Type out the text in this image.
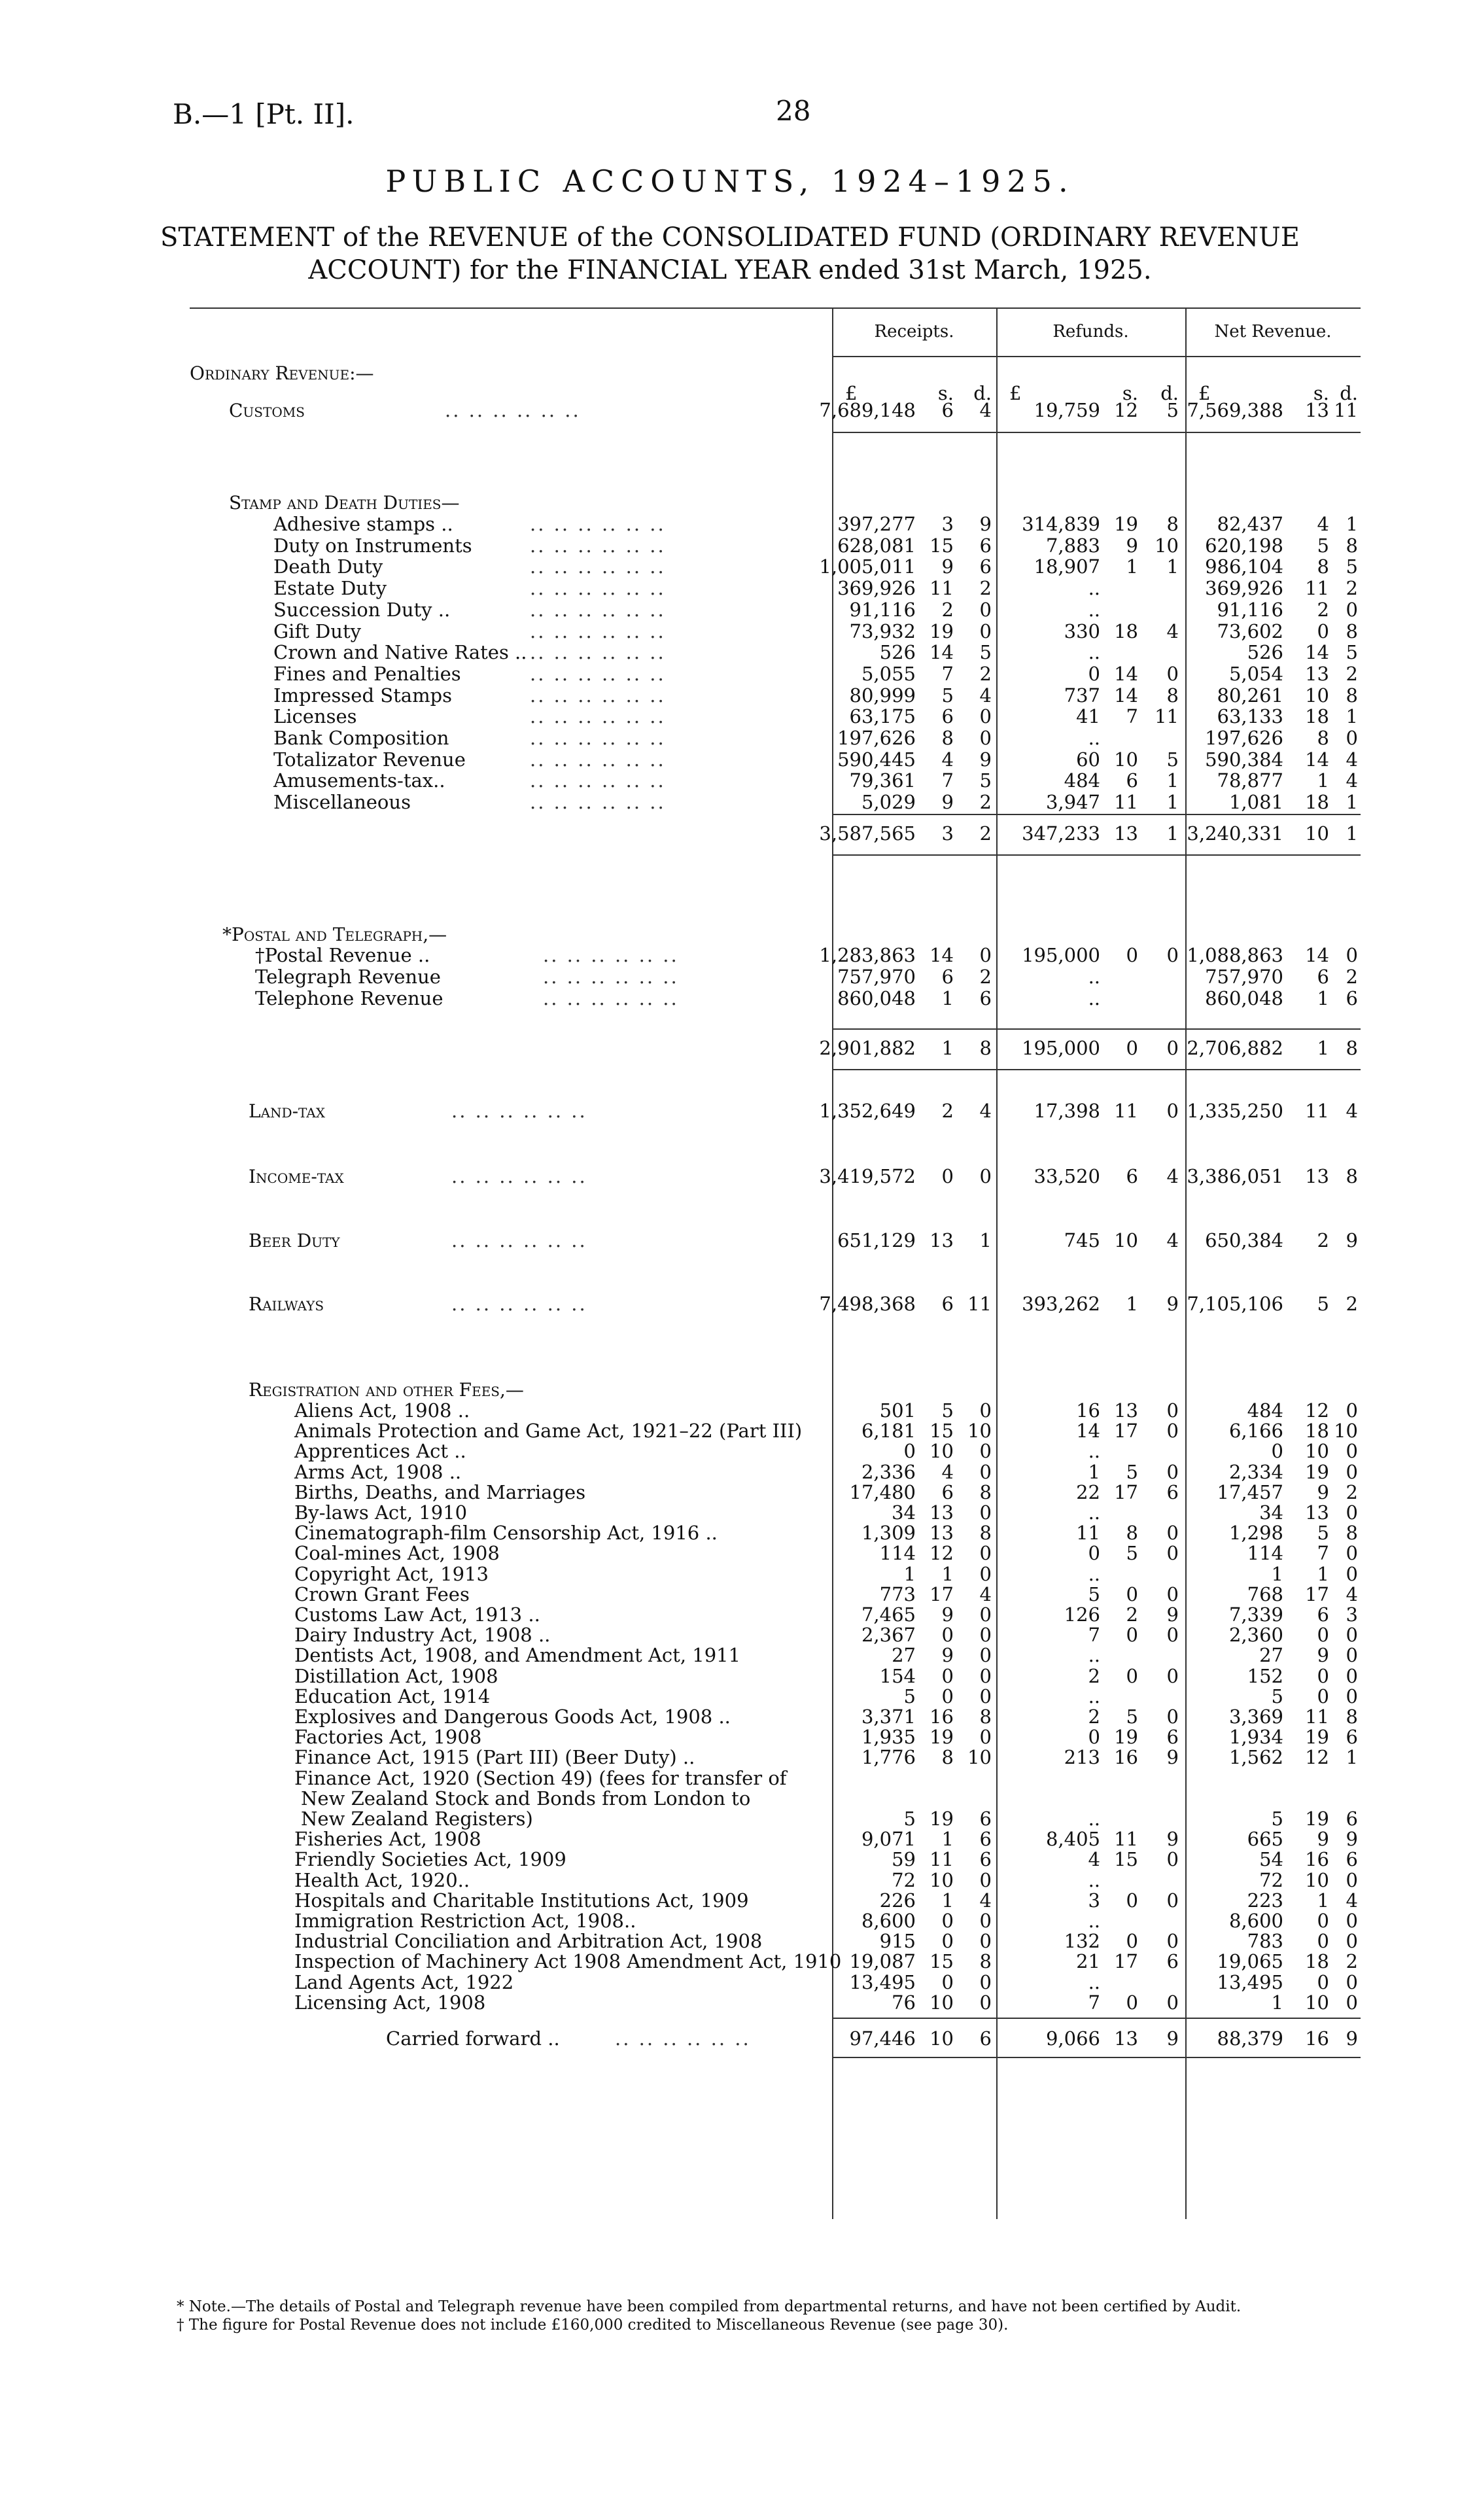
B.—1 [Pt. II].	28
PUBLIC ACCOUNTS, 1924–1925.
STATEMENT of the REVENUE of the CONSOLIDATED FUND (ORDINARY REVENUE
ACCOUNT) for the FINANCIAL YEAR ended 31st March, 1925.
Receipts.	Refunds.	Net Revenue.
Ordinary Revenue:—
£	s. d. £	s. d. £	s. d.
Customs	.. .. .. .. .. ..	7,689,148 6 4 19,759 12 5 7,569,388 13 11
Stamp and Death Duties—
Adhesive stamps ..	.. .. .. .. .. ..	397,277 3 9 314,839 19 8 82,437 4 1
Duty on Instruments	.. .. .. .. .. ..	628,081 15 6	7,883 9 10 620,198 5 8
Death Duty	.. .. .. .. .. ..	1,005,011 9 6 18,907 1 1 986,104 8 5
Estate Duty	.. .. .. .. .. ..	369,926 11 2	..	369,926 11 2
Succession Duty ..	.. .. .. .. .. ..	91,116 2 0	..	91,116 2 0
Gift Duty	.. .. .. .. .. ..	73,932 19 0	330 18 4 73,602 0 8
Crown and Native Rates .. .. .. .. .. .. ..	526 14 5	..	526 14 5
Fines and Penalties	.. .. .. .. .. ..	5,055 7 2	0 14 0	5,054 13 2
Impressed Stamps	.. .. .. .. .. ..	80,999 5 4	737 14 8 80,261 10 8
Licenses	.. .. .. .. .. ..	63,175 6 0	41 7 11 63,133 18 1
Bank Composition	.. .. .. .. .. ..	197,626 8 0	..	197,626 8 0
Totalizator Revenue	.. .. .. .. .. ..	590,445 4 9	60 10 5 590,384 14 4
Amusements-tax..	.. .. .. .. .. ..	79,361 7 5	484 6 1 78,877 1 4
Miscellaneous	.. .. .. .. .. ..	5,029 9 2	3,947 11 1	1,081 18 1
3,587,565 3 2 347,233 13 1 3,240,331 10 1
*Postal and Telegraph,—
†Postal Revenue ..	.. .. .. .. .. ..	1,283,863 14 0 195,000 0 0 1,088,863 14 0
Telegraph Revenue	.. .. .. .. .. ..	757,970 6 2	..	757,970 6 2
Telephone Revenue	.. .. .. .. .. ..	860,048 1 6	..	860,048 1 6
2,901,882 1 8 195,000 0 0 2,706,882 1 8
Land-tax	.. .. .. .. .. ..	1,352,649 2 4 17,398 11 0 1,335,250 11 4
Income-tax	.. .. .. .. .. ..	3,419,572 0 0 33,520 6 4 3,386,051 13 8
Beer Duty	.. .. .. .. .. ..	651,129 13 1	745 10 4 650,384 2 9
Railways	.. .. .. .. .. ..	7,498,368 6 11 393,262 1 9 7,105,106 5 2
Registration and other Fees,—
Aliens Act, 1908 ..	501 5 0	16 13 0	484 12 0
Animals Protection and Game Act, 1921–22 (Part III)	6,181 15 10	14 17 0	6,166 18 10
Apprentices Act ..	0 10 0	..	0 10 0
Arms Act, 1908 ..	2,336 4 0	1 5 0	2,334 19 0
Births, Deaths, and Marriages	17,480 6 8	22 17 6 17,457 9 2
By-laws Act, 1910	34 13 0	..	34 13 0
Cinematograph-film Censorship Act, 1916 ..	1,309 13 8	11 8 0	1,298 5 8
Coal-mines Act, 1908	114 12 0	0 5 0	114 7 0
Copyright Act, 1913	1 1 0	..	1 1 0
Crown Grant Fees	773 17 4	5 0 0	768 17 4
Customs Law Act, 1913 ..	7,465 9 0	126 2 9	7,339 6 3
Dairy Industry Act, 1908 ..	2,367 0 0	7 0 0	2,360 0 0
Dentists Act, 1908, and Amendment Act, 1911	27 9 0	..	27 9 0
Distillation Act, 1908	154 0 0	2 0 0	152 0 0
Education Act, 1914	5 0 0	..	5 0 0
Explosives and Dangerous Goods Act, 1908 ..	3,371 16 8	2 5 0	3,369 11 8
Factories Act, 1908	1,935 19 0	0 19 6	1,934 19 6
Finance Act, 1915 (Part III) (Beer Duty) ..	1,776 8 10	213 16 9	1,562 12 1
Finance Act, 1920 (Section 49) (fees for transfer of
New Zealand Stock and Bonds from London to
New Zealand Registers)	5 19 6	..	5 19 6
Fisheries Act, 1908	9,071 1 6	8,405 11 9	665 9 9
Friendly Societies Act, 1909	59 11 6	4 15 0	54 16 6
Health Act, 1920..	72 10 0	..	72 10 0
Hospitals and Charitable Institutions Act, 1909	226 1 4	3 0 0	223 1 4
Immigration Restriction Act, 1908..	8,600 0 0	..	8,600 0 0
Industrial Conciliation and Arbitration Act, 1908	915 0 0	132 0 0	783 0 0
Inspection of Machinery Act 1908 Amendment Act, 1910 19,087 15 8	21 17 6 19,065 18 2
Land Agents Act, 1922	13,495 0 0	..	13,495 0 0
Licensing Act, 1908	76 10 0	7 0 0	1 10 0
Carried forward ..	.. .. .. .. .. ..	97,446 10 6	9,066 13 9 88,379 16 9
* Note.—The details of Postal and Telegraph revenue have been compiled from departmental returns, and have not been certified by Audit.
† The figure for Postal Revenue does not include £160,000 credited to Miscellaneous Revenue (see page 30).
